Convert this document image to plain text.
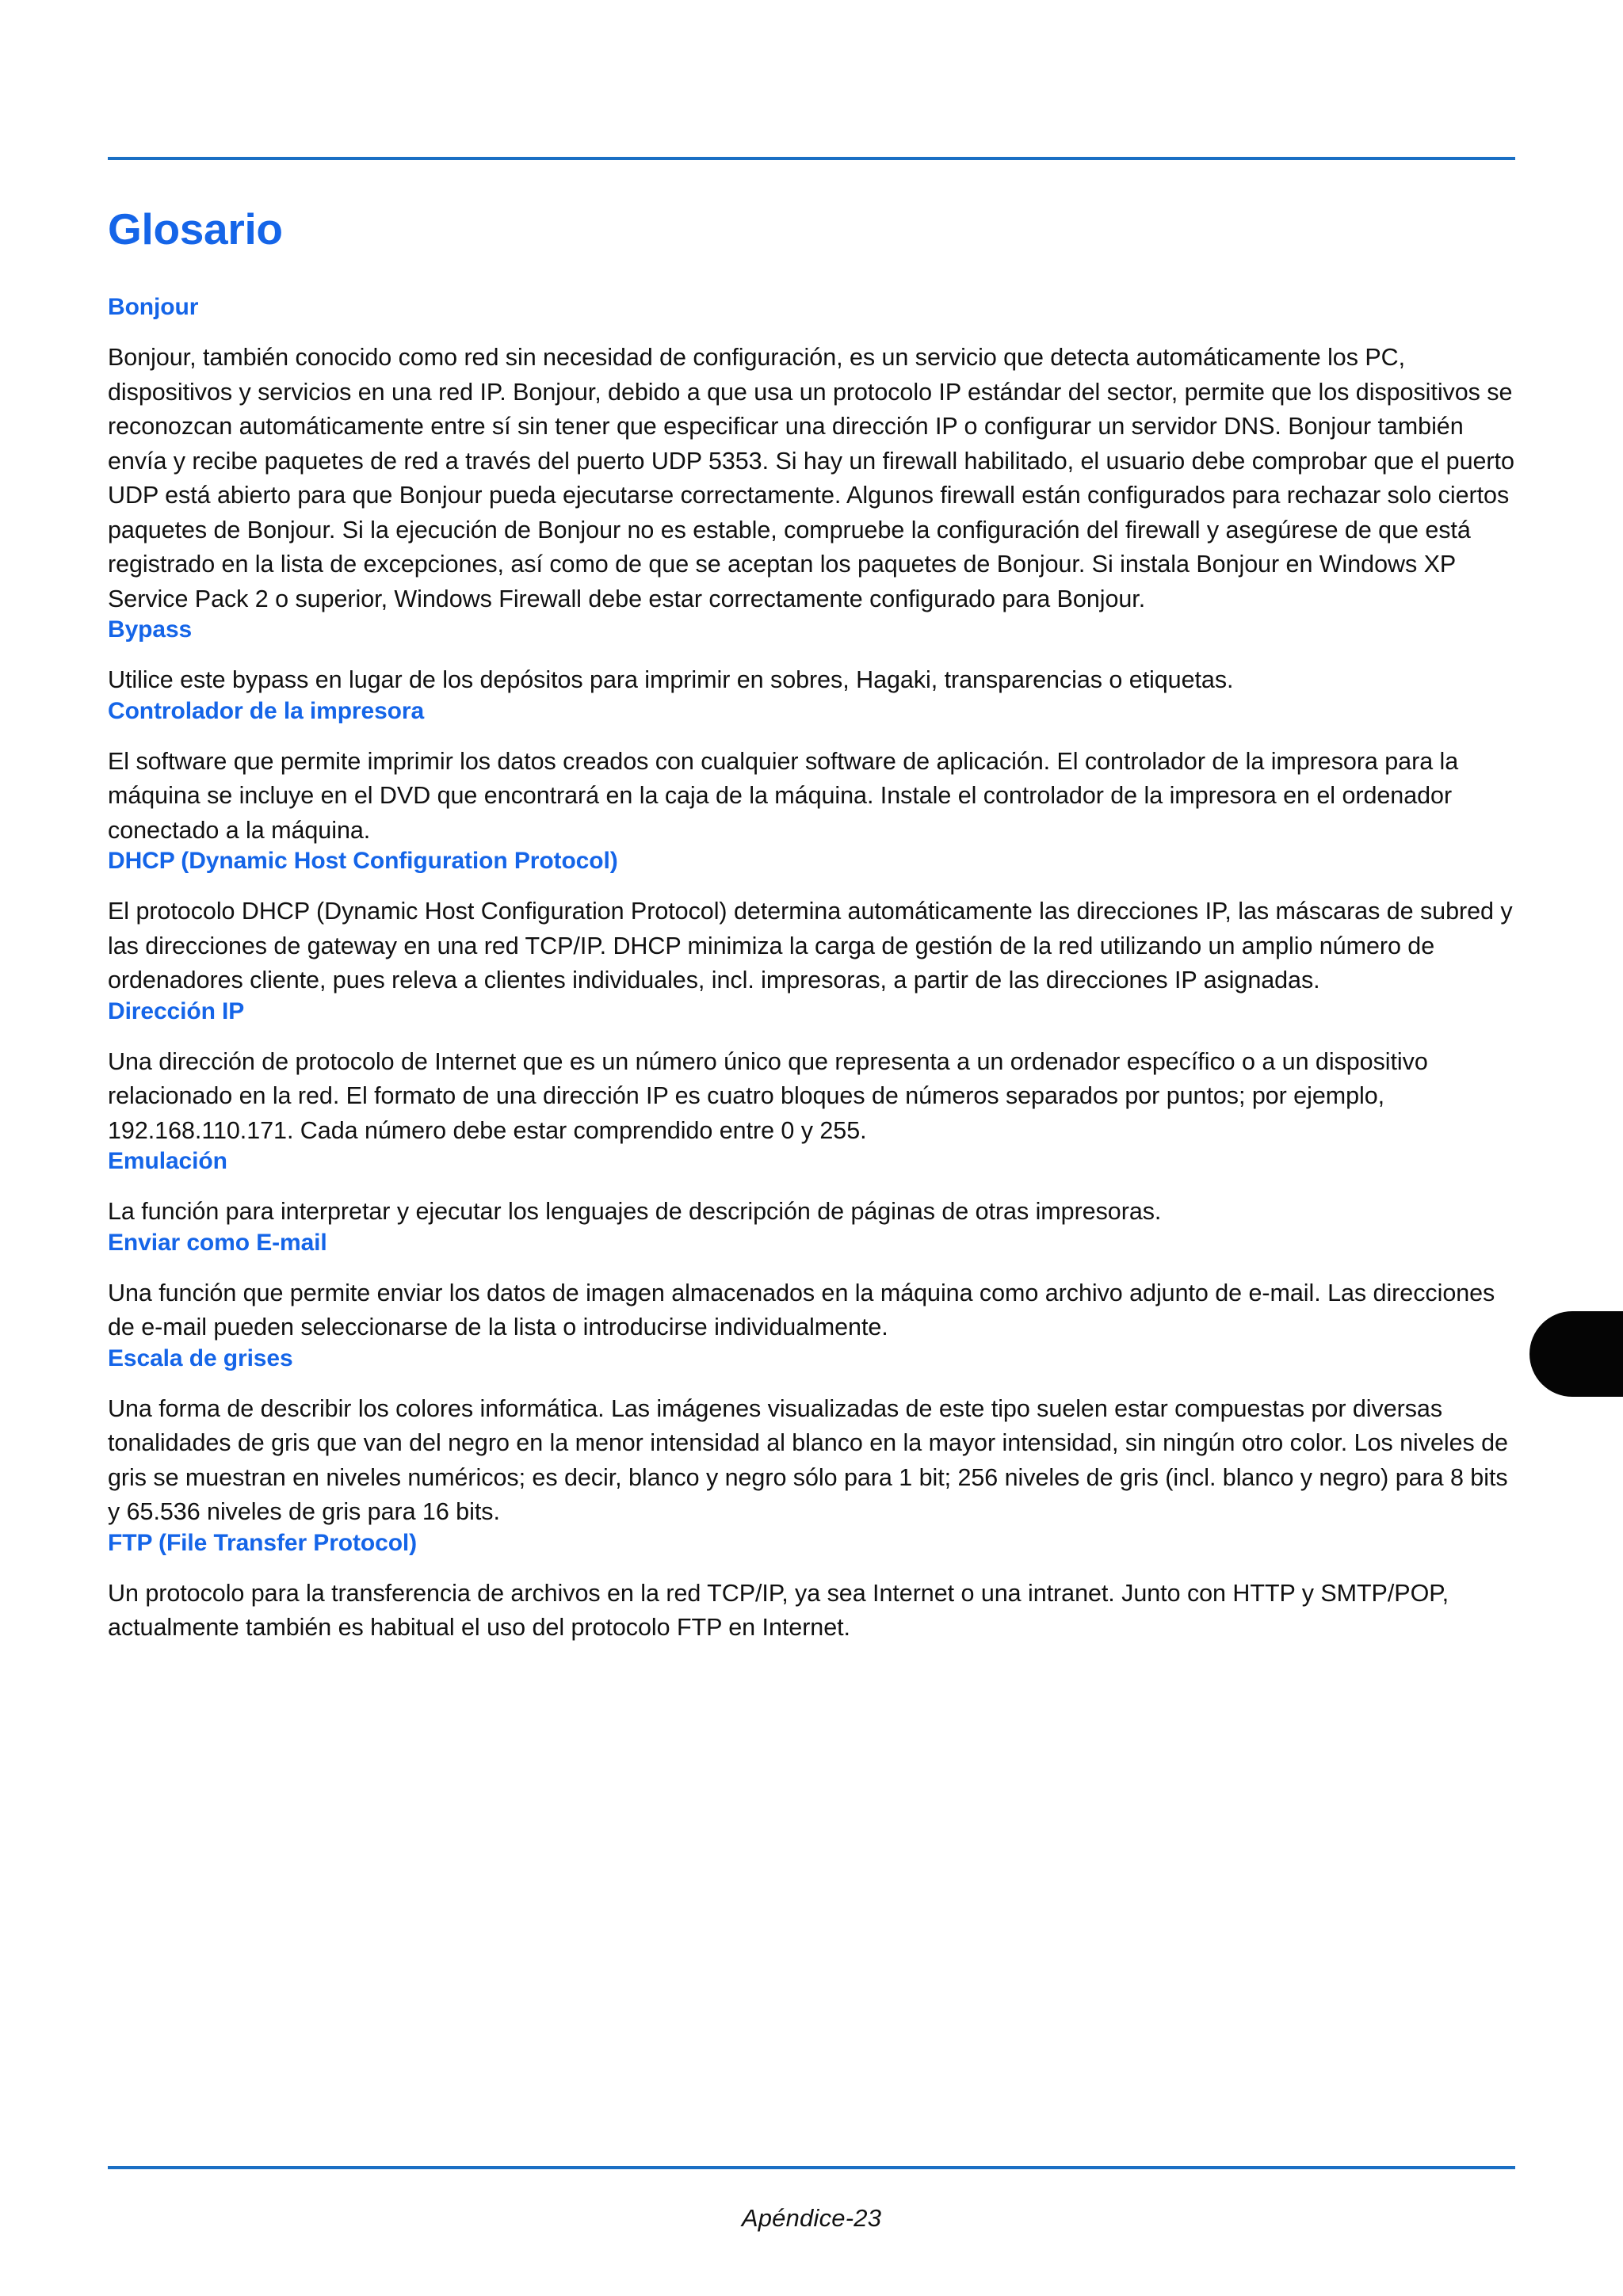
Glosario
Bonjour

Bonjour, también conocido como red sin necesidad de configuración, es un servicio que detecta automáticamente los PC, dispositivos y servicios en una red IP. Bonjour, debido a que usa un protocolo IP estándar del sector, permite que los dispositivos se reconozcan automáticamente entre sí sin tener que especificar una dirección IP o configurar un servidor DNS. Bonjour también envía y recibe paquetes de red a través del puerto UDP 5353. Si hay un firewall habilitado, el usuario debe comprobar que el puerto UDP está abierto para que Bonjour pueda ejecutarse correctamente. Algunos firewall están configurados para rechazar solo ciertos paquetes de Bonjour. Si la ejecución de Bonjour no es estable, compruebe la configuración del firewall y asegúrese de que está registrado en la lista de excepciones, así como de que se aceptan los paquetes de Bonjour. Si instala Bonjour en Windows XP Service Pack 2 o superior, Windows Firewall debe estar correctamente configurado para Bonjour.

Bypass

Utilice este bypass en lugar de los depósitos para imprimir en sobres, Hagaki, transparencias o etiquetas.

Controlador de la impresora

El software que permite imprimir los datos creados con cualquier software de aplicación. El controlador de la impresora para la máquina se incluye en el DVD que encontrará en la caja de la máquina. Instale el controlador de la impresora en el ordenador conectado a la máquina.

DHCP (Dynamic Host Configuration Protocol)

El protocolo DHCP (Dynamic Host Configuration Protocol) determina automáticamente las direcciones IP, las máscaras de subred y las direcciones de gateway en una red TCP/IP. DHCP minimiza la carga de gestión de la red utilizando un amplio número de ordenadores cliente, pues releva a clientes individuales, incl. impresoras, a partir de las direcciones IP asignadas.

Dirección IP

Una dirección de protocolo de Internet que es un número único que representa a un ordenador específico o a un dispositivo relacionado en la red. El formato de una dirección IP es cuatro bloques de números separados por puntos; por ejemplo, 192.168.110.171. Cada número debe estar comprendido entre 0 y 255.

Emulación

La función para interpretar y ejecutar los lenguajes de descripción de páginas de otras impresoras.

Enviar como E-mail

Una función que permite enviar los datos de imagen almacenados en la máquina como archivo adjunto de e-mail. Las direcciones de e-mail pueden seleccionarse de la lista o introducirse individualmente.

Escala de grises

Una forma de describir los colores informática. Las imágenes visualizadas de este tipo suelen estar compuestas por diversas tonalidades de gris que van del negro en la menor intensidad al blanco en la mayor intensidad, sin ningún otro color. Los niveles de gris se muestran en niveles numéricos; es decir, blanco y negro sólo para 1 bit; 256 niveles de gris (incl. blanco y negro) para 8 bits y 65.536 niveles de gris para 16 bits.

FTP (File Transfer Protocol)

Un protocolo para la transferencia de archivos en la red TCP/IP, ya sea Internet o una intranet. Junto con HTTP y SMTP/POP, actualmente también es habitual el uso del protocolo FTP en Internet.

Apéndice-23
